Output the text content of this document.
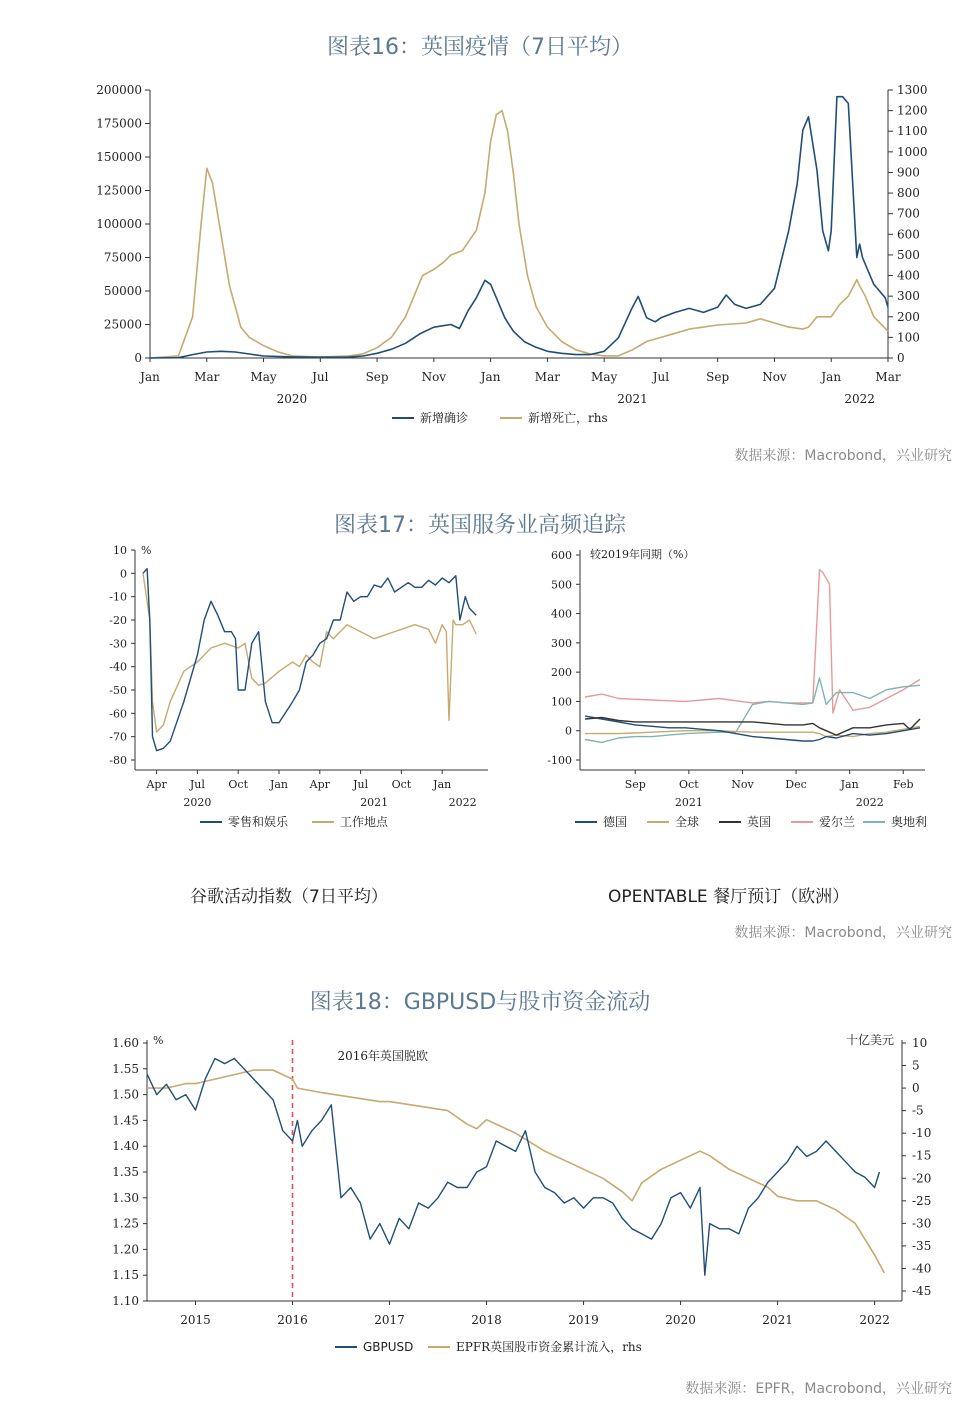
图表16：英国疫情（7日平均）
200000
175000
150000
125000
100000
75000
50000
25000
0
1300
1200
1100
1000
900
800
700
600
500
400
300
200
100
0
Jan	Mar	May	Jul	Sep	Nov	Jan	Mar	May	Jul	Sep	Nov	Jan	Mar
2020	2021	2022
新增确诊	新增死亡，rhs
数据来源：Macrobond，兴业研究
图表17：英国服务业高频追踪
%
10
0
-10
-20
-30
-40
-50
-60
-70
-80
Apr Jul Oct Jan Apr Jul Oct Jan
2020	2021	2022
零售和娱乐	工作地点
较2019年同期（%）
600
500
400
300
200
100
0
-100
Sep	Oct	Nov	Dec	Jan	Feb
2021	2022
德国	全球	英国	爱尔兰	奥地利
谷歌活动指数（7日平均）	OPENTABLE 餐厅预订（欧洲）
数据来源：Macrobond，兴业研究
图表18：GBPUSD与股市资金流动
%	十亿美元
1.60
1.55
1.50
1.45
1.40
1.35
1.30
1.25
1.20
1.15
1.10
10
5
0
-5
-10
-15
-20
-25
-30
-35
-40
-45
2015	2016	2017	2018	2019	2020	2021	2022
2016年英国脱欧
GBPUSD	EPFR英国股市资金累计流入，rhs
数据来源：EPFR，Macrobond，兴业研究
